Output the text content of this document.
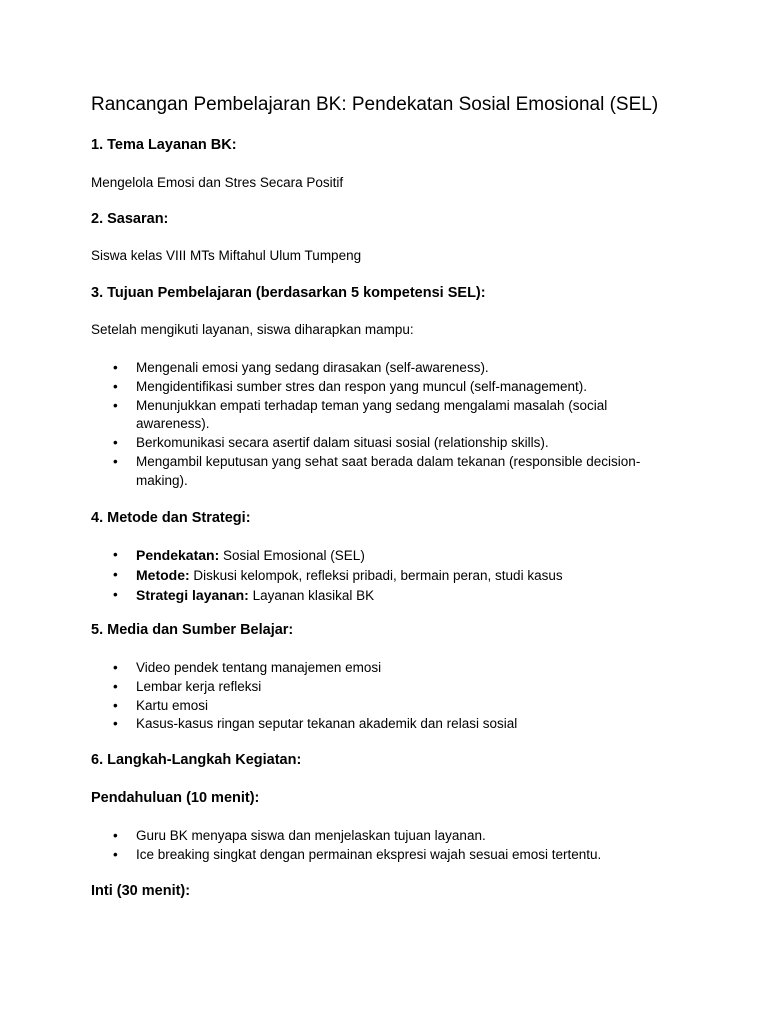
Rancangan Pembelajaran BK: Pendekatan Sosial Emosional (SEL)
1. Tema Layanan BK:

Mengelola Emosi dan Stres Secara Positif

2. Sasaran:

Siswa kelas VIII MTs Miftahul Ulum Tumpeng

3. Tujuan Pembelajaran (berdasarkan 5 kompetensi SEL):

Setelah mengikuti layanan, siswa diharapkan mampu:

• Mengenali emosi yang sedang dirasakan (self-awareness).
• Mengidentifikasi sumber stres dan respon yang muncul (self-management).
• Menunjukkan empati terhadap teman yang sedang mengalami masalah (social awareness).
• Berkomunikasi secara asertif dalam situasi sosial (relationship skills).
• Mengambil keputusan yang sehat saat berada dalam tekanan (responsible decision-making).
4. Metode dan Strategi:
• Pendekatan: Sosial Emosional (SEL)
• Metode: Diskusi kelompok, refleksi pribadi, bermain peran, studi kasus
• Strategi layanan: Layanan klasikal BK
5. Media dan Sumber Belajar:
• Video pendek tentang manajemen emosi
• Lembar kerja refleksi
• Kartu emosi
• Kasus-kasus ringan seputar tekanan akademik dan relasi sosial
6. Langkah-Langkah Kegiatan:
Pendahuluan (10 menit):
• Guru BK menyapa siswa dan menjelaskan tujuan layanan.
• Ice breaking singkat dengan permainan ekspresi wajah sesuai emosi tertentu.
Inti (30 menit):
